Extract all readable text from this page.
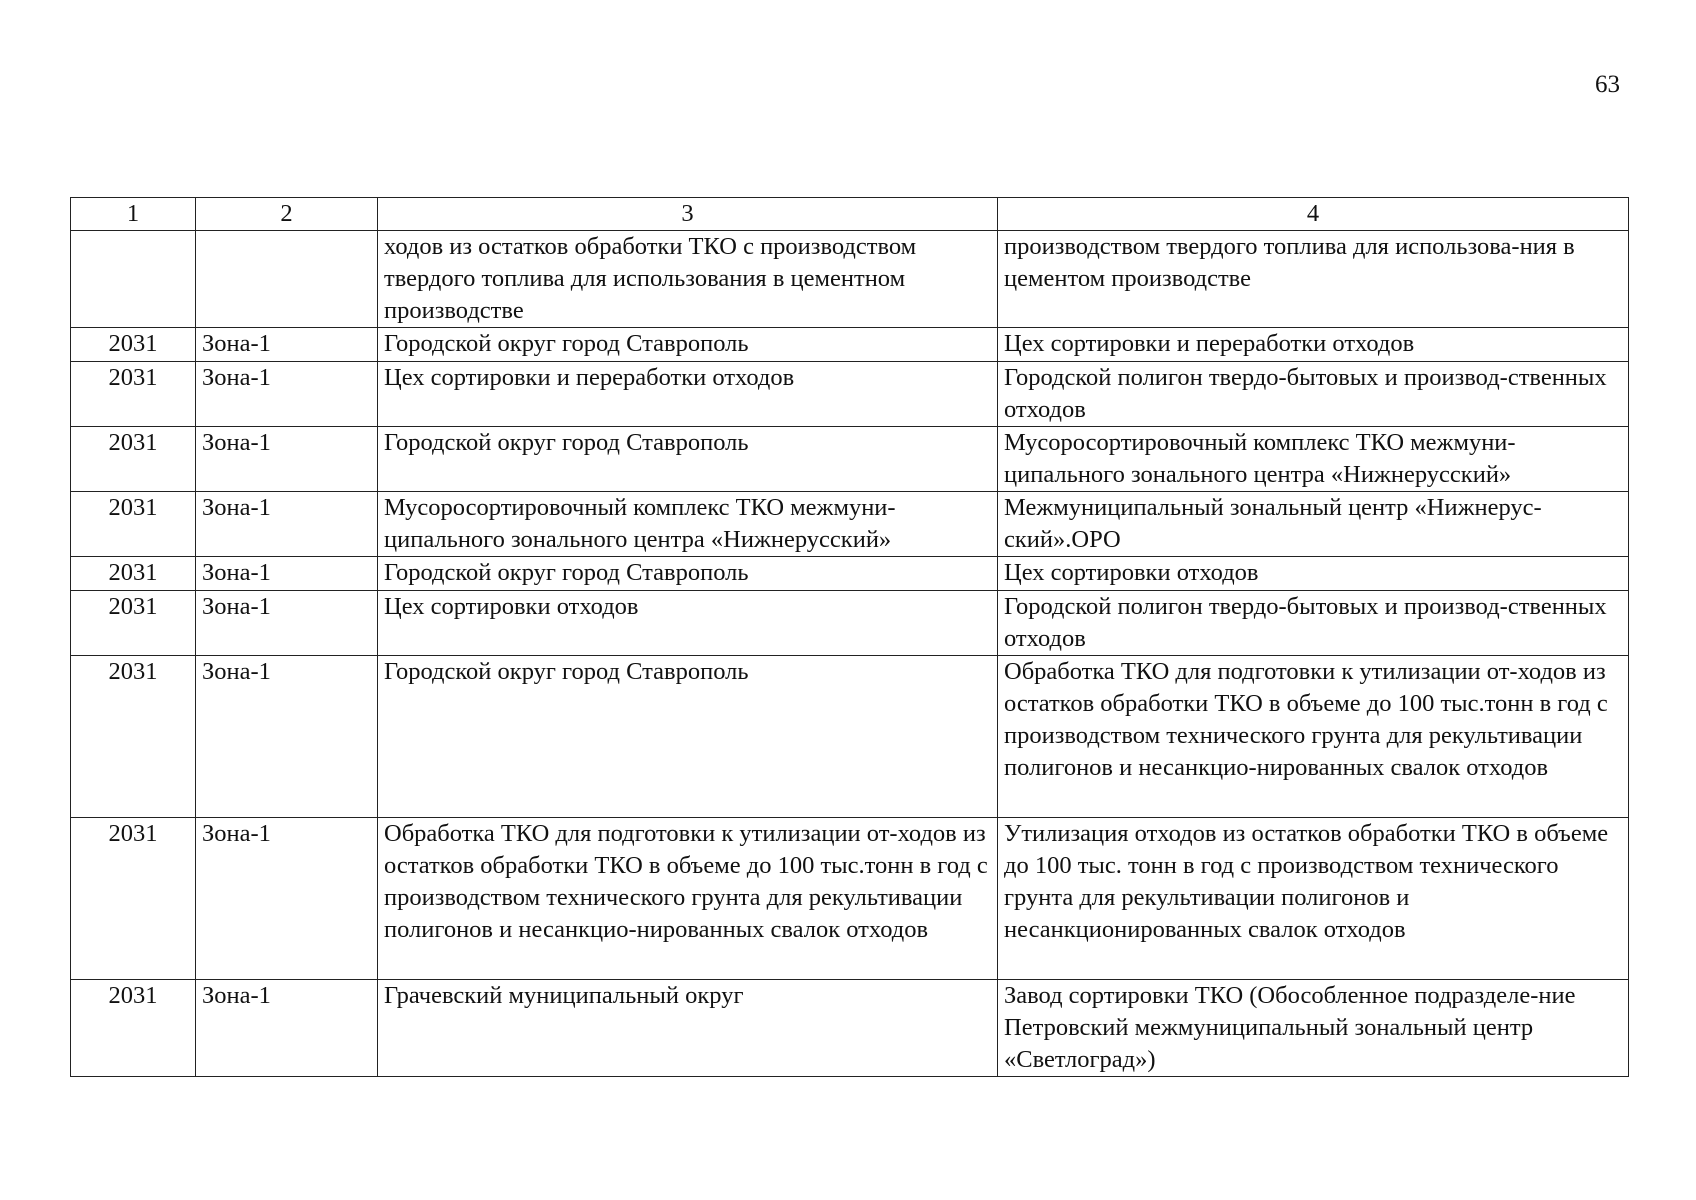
63
1	2	3	4
		ходов из остатков обработки ТКО с производством твердого топлива для использования в цементном производстве	производством твердого топлива для использова-ния в цементом производстве
2031	Зона-1	Городской округ город Ставрополь	Цех сортировки и переработки отходов
2031	Зона-1	Цех сортировки и переработки отходов	Городской полигон твердо-бытовых и производ-ственных отходов
2031	Зона-1	Городской округ город Ставрополь	Мусоросортировочный комплекс ТКО межмуни-ципального зонального центра «Нижнерусский»
2031	Зона-1	Мусоросортировочный комплекс ТКО межмуни-ципального зонального центра «Нижнерусский»	Межмуниципальный зональный центр «Нижнерус-ский».ОРО
2031	Зона-1	Городской округ город Ставрополь	Цех сортировки отходов
2031	Зона-1	Цех сортировки отходов	Городской полигон твердо-бытовых и производ-ственных отходов
2031	Зона-1	Городской округ город Ставрополь	Обработка ТКО для подготовки к утилизации от-ходов из остатков обработки ТКО в объеме до 100 тыс.тонн в год с производством технического грунта для рекультивации полигонов и несанкцио-нированных свалок отходов
2031	Зона-1	Обработка ТКО для подготовки к утилизации от-ходов из остатков обработки ТКО в объеме до 100 тыс.тонн в год с производством технического грунта для рекультивации полигонов и несанкцио-нированных свалок отходов	Утилизация отходов из остатков обработки ТКО в объеме до 100 тыс. тонн в год с производством технического грунта для рекультивации полигонов и несанкционированных свалок отходов
2031	Зона-1	Грачевский муниципальный округ	Завод сортировки ТКО (Обособленное подразделе-ние Петровский межмуниципальный зональный центр «Светлоград»)
